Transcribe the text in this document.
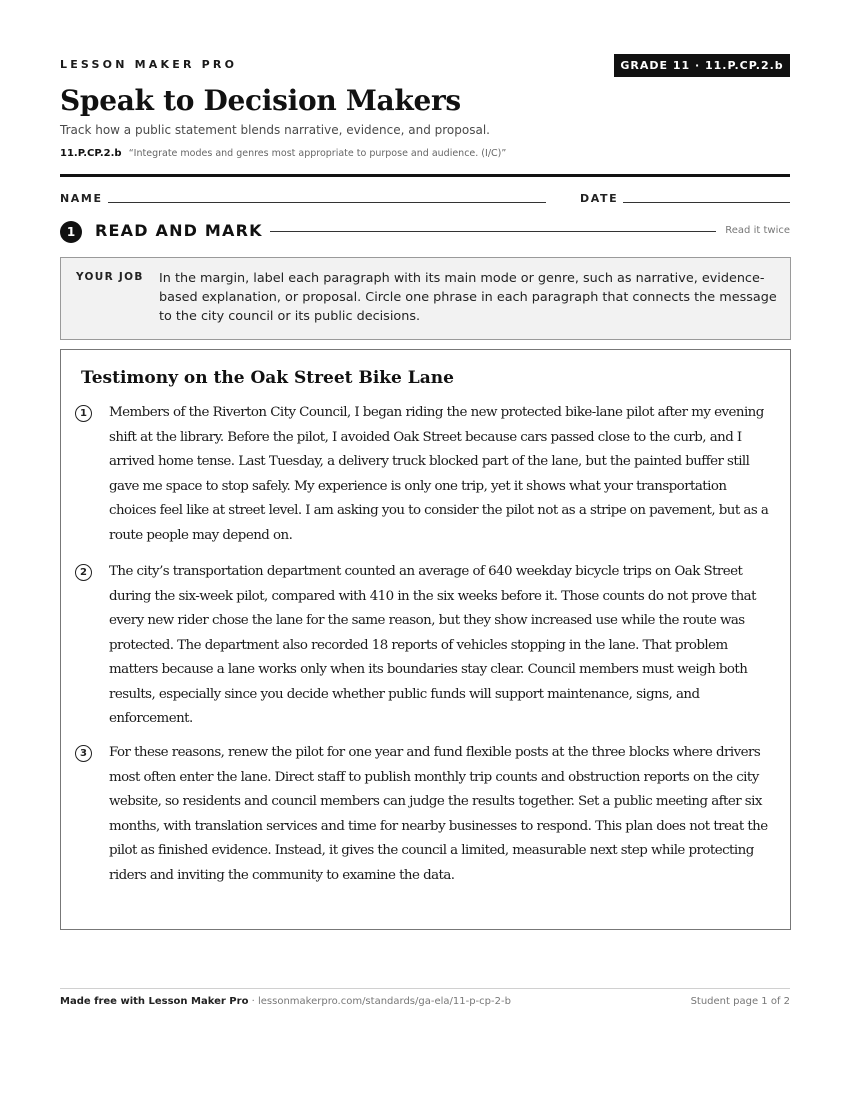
LESSON MAKER PRO	GRADE 11 · 11.P.CP.2.b
Speak to Decision Makers
Track how a public statement blends narrative, evidence, and proposal.
11.P.CP.2.b “Integrate modes and genres most appropriate to purpose and audience. (I/C)”
NAME	DATE
1	READ AND MARK	Read it twice
YOUR JOB In the margin, label each paragraph with its main mode or genre, such as narrative, evidence-based explanation, or proposal. Circle one phrase in each paragraph that connects the message to the city council or its public decisions.
Testimony on the Oak Street Bike Lane
1	Members of the Riverton City Council, I began riding the new protected bike-lane pilot after my evening shift at the library. Before the pilot, I avoided Oak Street because cars passed close to the curb, and I arrived home tense. Last Tuesday, a delivery truck blocked part of the lane, but the painted buffer still gave me space to stop safely. My experience is only one trip, yet it shows what your transportation choices feel like at street level. I am asking you to consider the pilot not as a stripe on pavement, but as a route people may depend on.

2	The city’s transportation department counted an average of 640 weekday bicycle trips on Oak Street during the six-week pilot, compared with 410 in the six weeks before it. Those counts do not prove that every new rider chose the lane for the same reason, but they show increased use while the route was protected. The department also recorded 18 reports of vehicles stopping in the lane. That problem matters because a lane works only when its boundaries stay clear. Council members must weigh both results, especially since you decide whether public funds will support maintenance, signs, and enforcement.

3	For these reasons, renew the pilot for one year and fund flexible posts at the three blocks where drivers most often enter the lane. Direct staff to publish monthly trip counts and obstruction reports on the city website, so residents and council members can judge the results together. Set a public meeting after six months, with translation services and time for nearby businesses to respond. This plan does not treat the pilot as finished evidence. Instead, it gives the council a limited, measurable next step while protecting riders and inviting the community to examine the data.

Made free with Lesson Maker Pro · lessonmakerpro.com/standards/ga-ela/11-p-cp-2-b	Student page 1 of 2
